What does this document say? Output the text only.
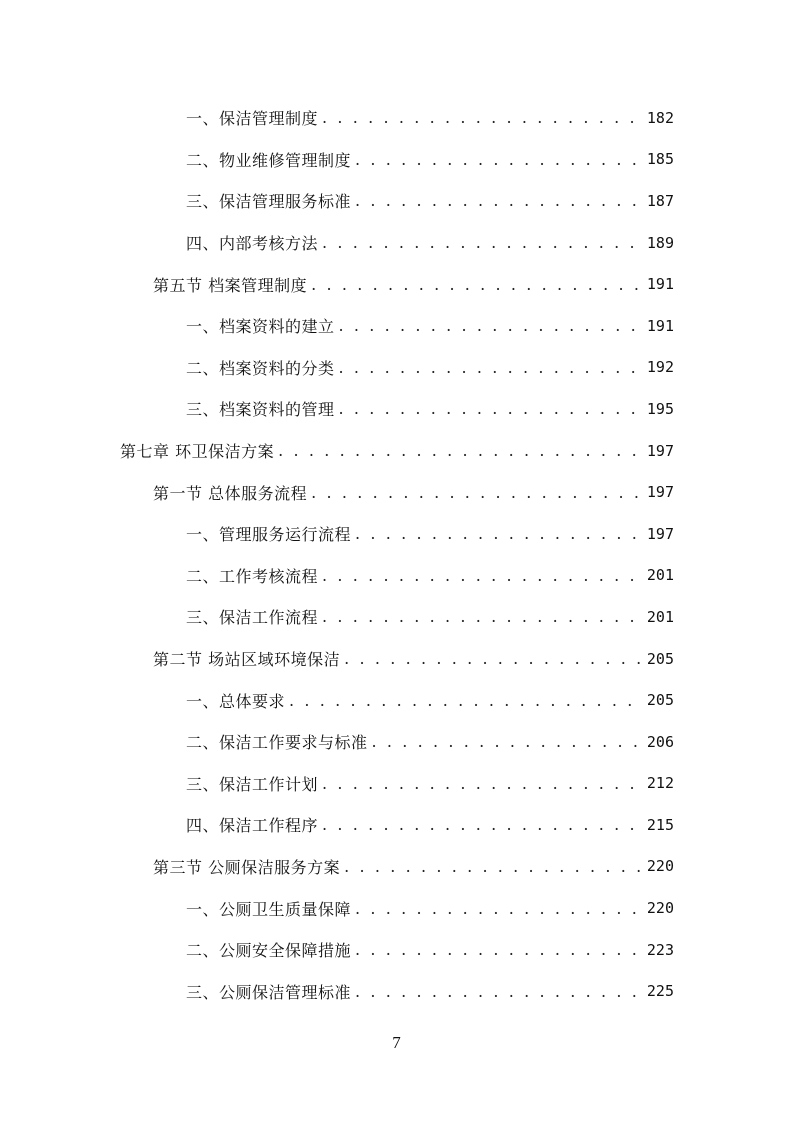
一、保洁管理制度 . . .	182
二、物业维修管理制度 . . .	185
三、保洁管理服务标准 . . .	187
四、内部考核方法 . . .	189
第五节 档案管理制度 . . .	191
一、档案资料的建立 . . .	191
二、档案资料的分类 . . .	192
三、档案资料的管理 . . .	195
第七章 环卫保洁方案 . . .	197
第一节 总体服务流程 . . .	197
一、管理服务运行流程 . . .	197
二、工作考核流程 . . .	201
三、保洁工作流程 . . .	201
第二节 场站区域环境保洁 . . .	205
一、总体要求 . . .	205
二、保洁工作要求与标准 . . .	206
三、保洁工作计划 . . .	212
四、保洁工作程序 . . .	215
第三节 公厕保洁服务方案 . . .	220
一、公厕卫生质量保障 . . .	220
二、公厕安全保障措施 . . .	223
三、公厕保洁管理标准 . . .	225
7
